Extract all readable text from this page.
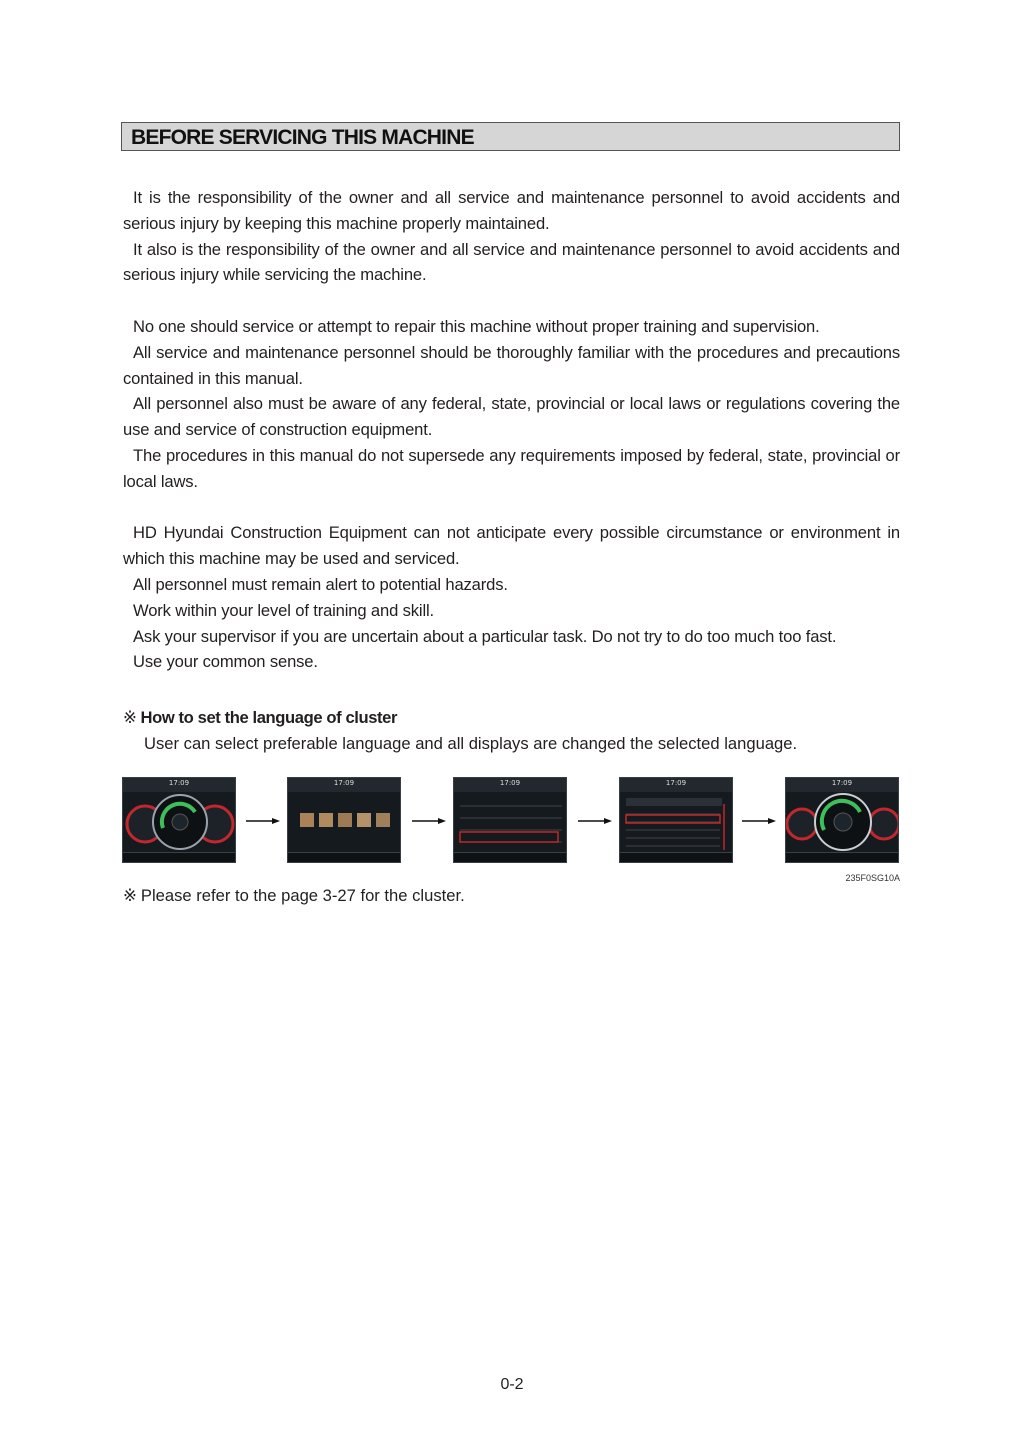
BEFORE SERVICING THIS MACHINE

It is the responsibility of the owner and all service and maintenance personnel to avoid accidents and serious injury by keeping this machine properly maintained.

It also is the responsibility of the owner and all service and maintenance personnel to avoid accidents and serious injury while servicing the machine.

No one should service or attempt to repair this machine without proper training and supervision.

All service and maintenance personnel should be thoroughly familiar with the procedures and precautions contained in this manual.

All personnel also must be aware of any federal, state, provincial or local laws or regulations covering the use and service of construction equipment.

The procedures in this manual do not supersede any requirements imposed by federal, state, provincial or local laws.

HD Hyundai Construction Equipment can not anticipate every possible circumstance or environment in which this machine may be used and serviced.

All personnel must remain alert to potential hazards.

Work within your level of training and skill.

Ask your supervisor if you are uncertain about a particular task. Do not try to do too much too fast.

Use your common sense.

※ How to set the language of cluster
User can select preferable language and all displays are changed the selected language.
17:09	17:09	17:09	17:09	17:09
235F0SG10A
※ Please refer to the page 3-27 for the cluster.
0-2
